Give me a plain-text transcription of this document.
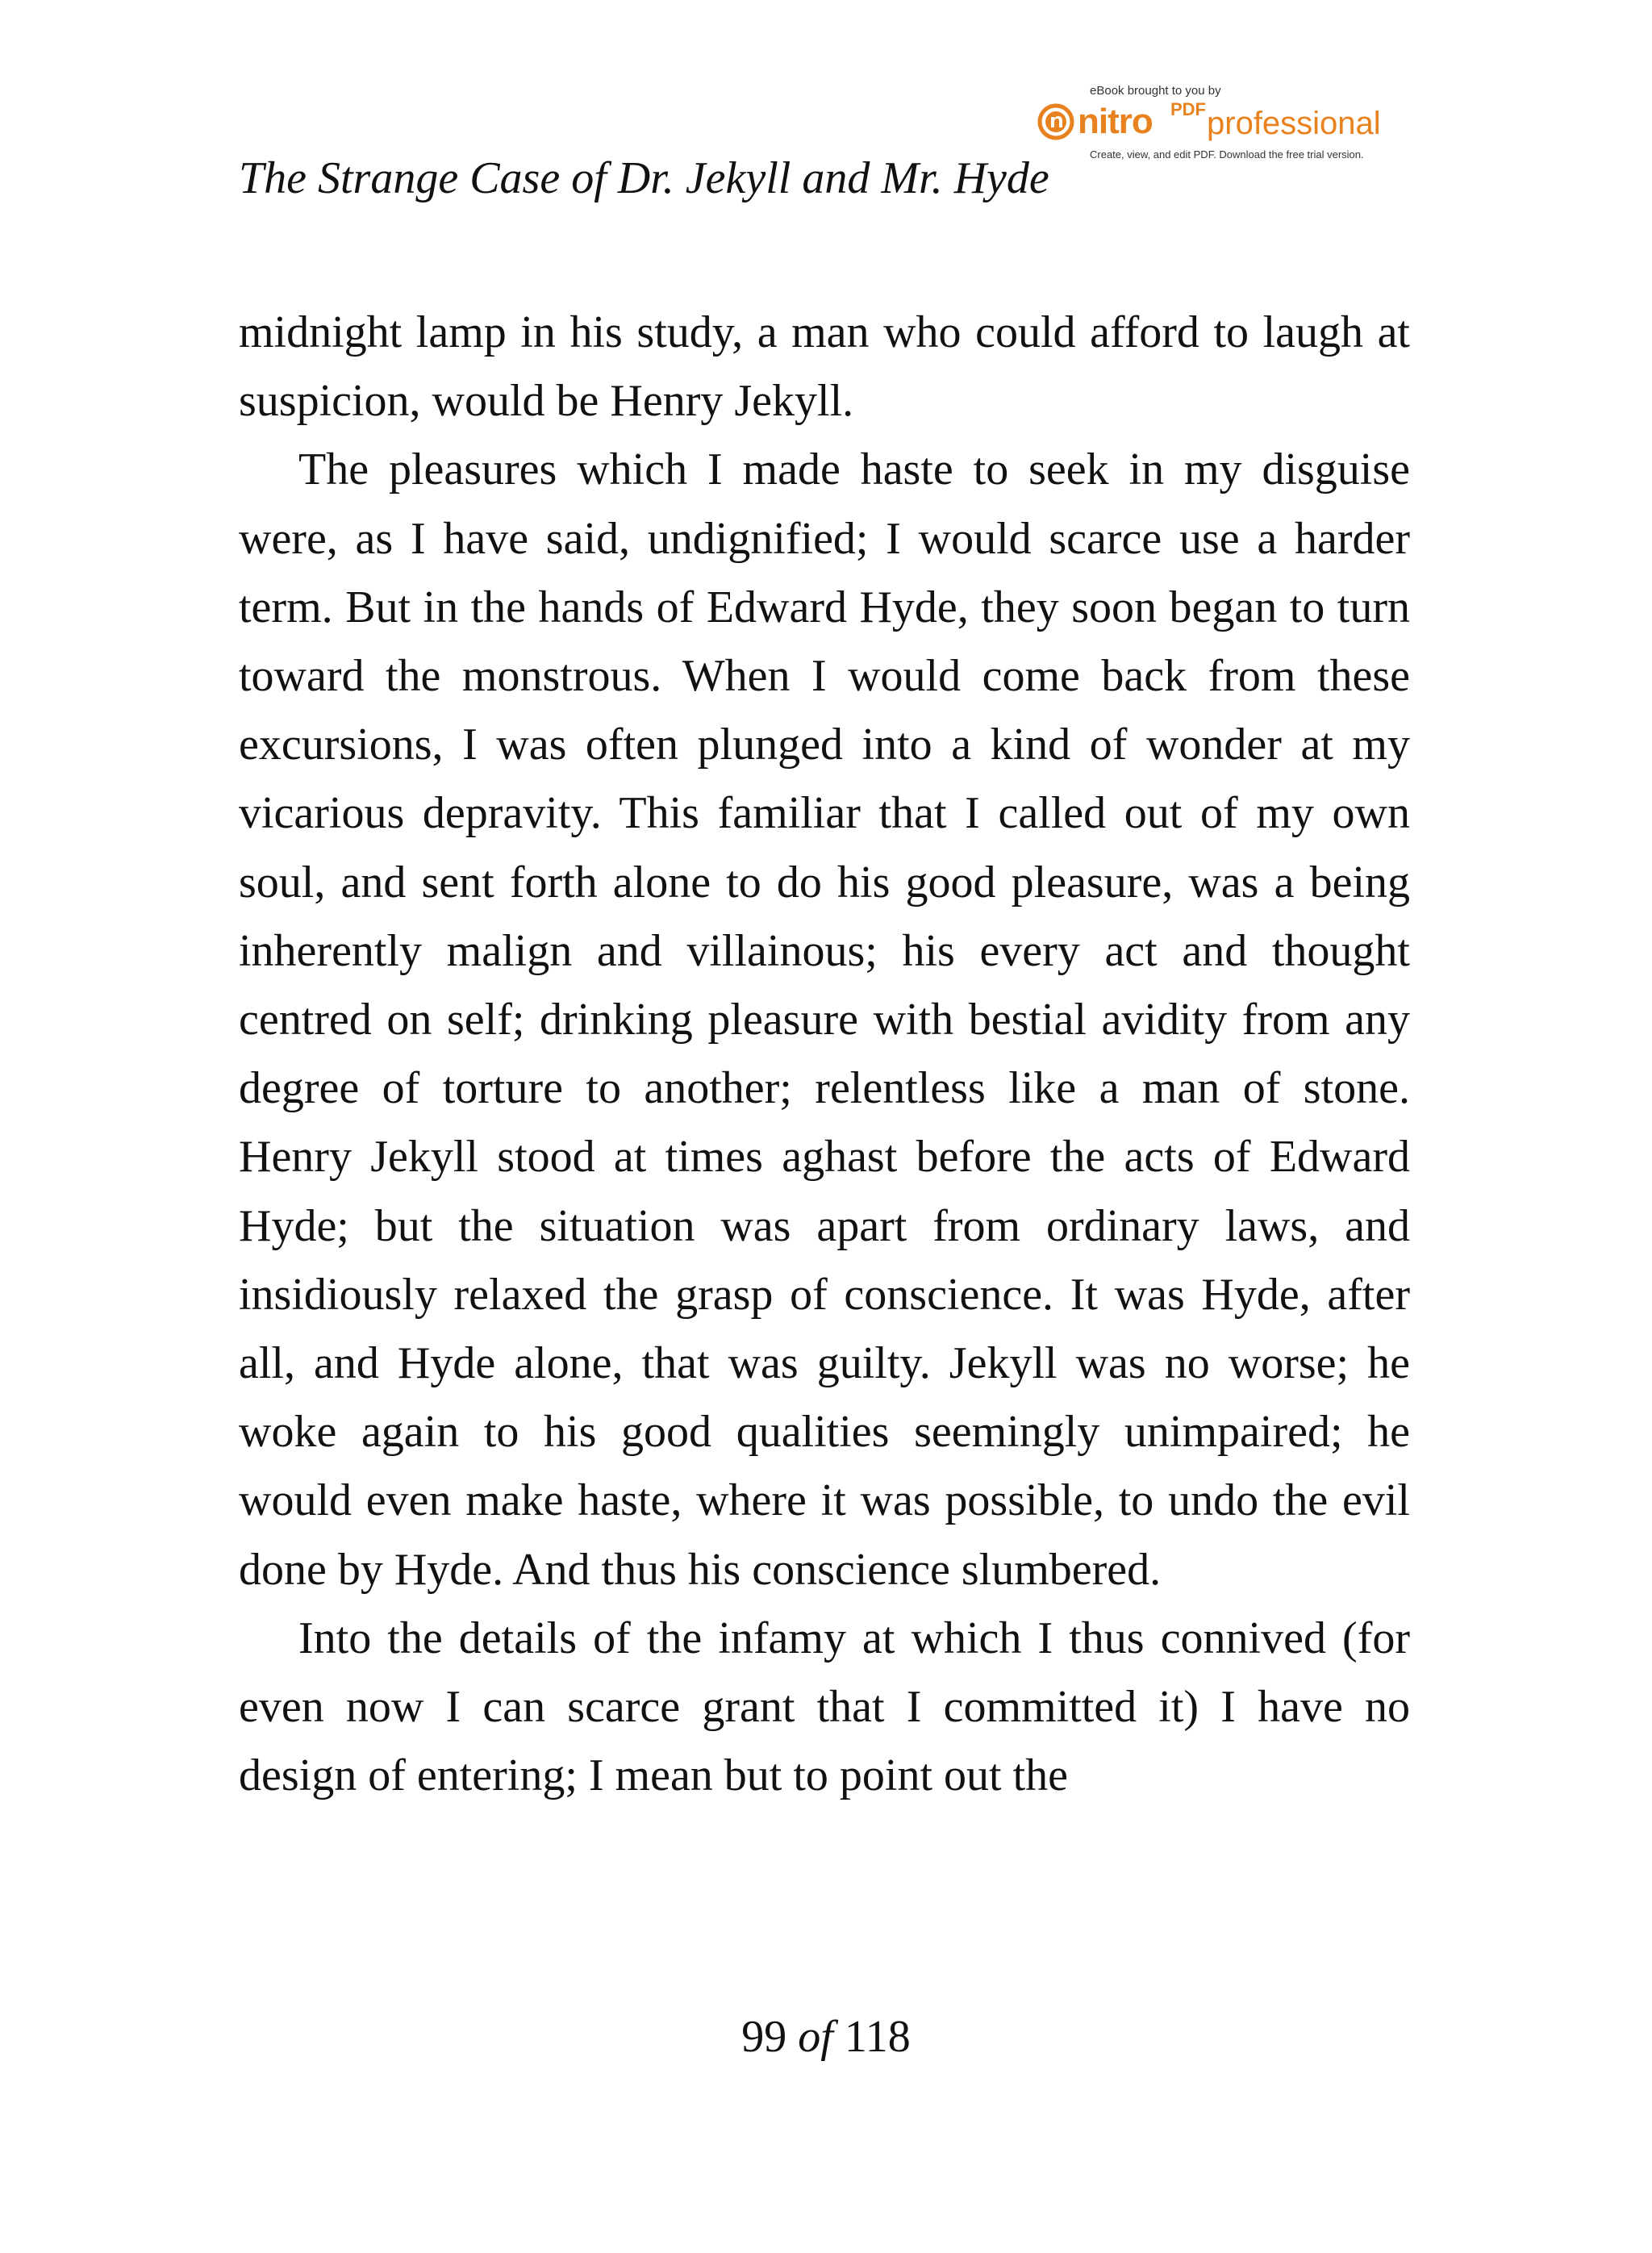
The Strange Case of Dr. Jekyll and Mr. Hyde
eBook brought to you by
nitro PDF professional
Create, view, and edit PDF. Download the free trial version.

midnight lamp in his study, a man who could afford to laugh at suspicion, would be Henry Jekyll.

The pleasures which I made haste to seek in my disguise were, as I have said, undignified; I would scarce use a harder term. But in the hands of Edward Hyde, they soon began to turn toward the monstrous. When I would come back from these excursions, I was often plunged into a kind of wonder at my vicarious depravity. This familiar that I called out of my own soul, and sent forth alone to do his good pleasure, was a being inherently malign and villainous; his every act and thought centred on self; drinking pleasure with bestial avidity from any degree of torture to another; relentless like a man of stone. Henry Jekyll stood at times aghast before the acts of Edward Hyde; but the situation was apart from ordinary laws, and insidiously relaxed the grasp of conscience. It was Hyde, after all, and Hyde alone, that was guilty. Jekyll was no worse; he woke again to his good qualities seemingly unimpaired; he would even make haste, where it was possible, to undo the evil done by Hyde. And thus his conscience slumbered.

Into the details of the infamy at which I thus connived (for even now I can scarce grant that I committed it) I have no design of entering; I mean but to point out the

99 of 118
